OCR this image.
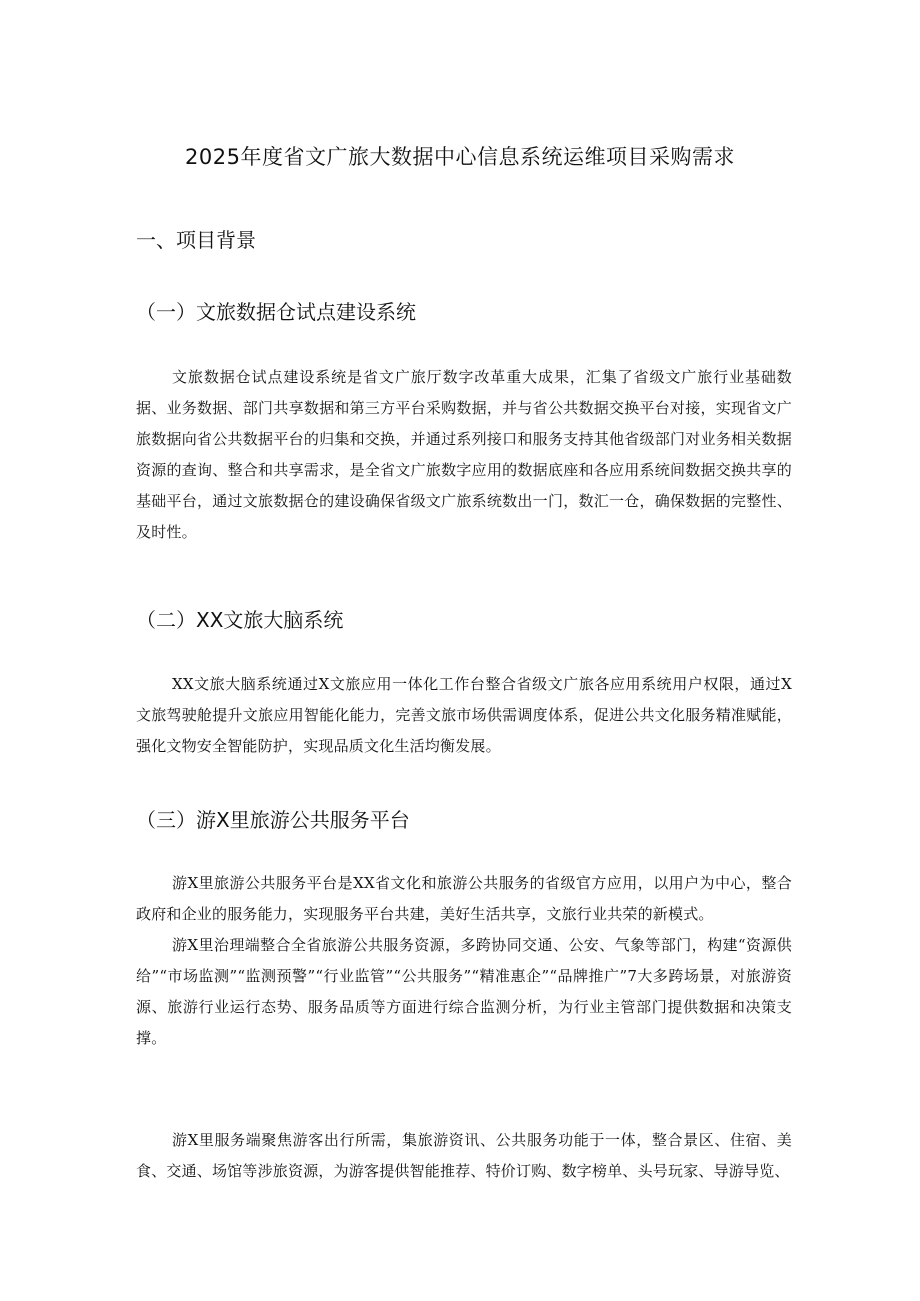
2025年度省文广旅大数据中心信息系统运维项目采购需求
一、项目背景
（一）文旅数据仓试点建设系统

文旅数据仓试点建设系统是省文广旅厅数字改革重大成果，汇集了省级文广旅行业基础数据、业务数据、部门共享数据和第三方平台采购数据，并与省公共数据交换平台对接，实现省文广旅数据向省公共数据平台的归集和交换，并通过系列接口和服务支持其他省级部门对业务相关数据资源的查询、整合和共享需求，是全省文广旅数字应用的数据底座和各应用系统间数据交换共享的基础平台，通过文旅数据仓的建设确保省级文广旅系统数出一门，数汇一仓，确保数据的完整性、及时性。

（二）XX文旅大脑系统

XX文旅大脑系统通过X文旅应用一体化工作台整合省级文广旅各应用系统用户权限，通过X文旅驾驶舱提升文旅应用智能化能力，完善文旅市场供需调度体系，促进公共文化服务精准赋能，强化文物安全智能防护，实现品质文化生活均衡发展。

（三）游X里旅游公共服务平台

游X里旅游公共服务平台是XX省文化和旅游公共服务的省级官方应用，以用户为中心，整合政府和企业的服务能力，实现服务平台共建，美好生活共享，文旅行业共荣的新模式。

游X里治理端整合全省旅游公共服务资源，多跨协同交通、公安、气象等部门，构建“资源供给”“市场监测”“监测预警”“行业监管”“公共服务”“精准惠企”“品牌推广”7大多跨场景，对旅游资源、旅游行业运行态势、服务品质等方面进行综合监测分析，为行业主管部门提供数据和决策支撑。

游X里服务端聚焦游客出行所需，集旅游资讯、公共服务功能于一体，整合景区、住宿、美食、交通、场馆等涉旅资源，为游客提供智能推荐、特价订购、数字榜单、头号玩家、导游导览、
